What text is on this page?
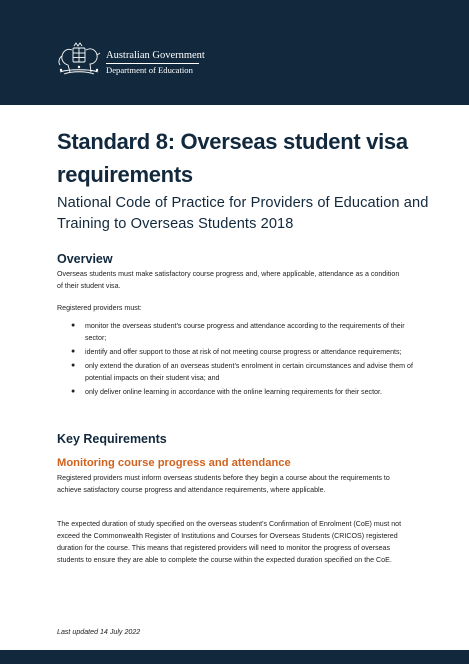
Australian Government
Department of Education
Standard 8: Overseas student visa requirements

National Code of Practice for Providers of Education and Training to Overseas Students 2018

Overview

Overseas students must make satisfactory course progress and, where applicable, attendance as a condition of their student visa.

Registered providers must:

● monitor the overseas student’s course progress and attendance according to the requirements of their sector;
● identify and offer support to those at risk of not meeting course progress or attendance requirements;
● only extend the duration of an overseas student’s enrolment in certain circumstances and advise them of potential impacts on their student visa; and
● only deliver online learning in accordance with the online learning requirements for their sector.
Key Requirements
Monitoring course progress and attendance

Registered providers must inform overseas students before they begin a course about the requirements to achieve satisfactory course progress and attendance requirements, where applicable.

The expected duration of study specified on the overseas student’s Confirmation of Enrolment (CoE) must not exceed the Commonwealth Register of Institutions and Courses for Overseas Students (CRICOS) registered duration for the course. This means that registered providers will need to monitor the progress of overseas students to ensure they are able to complete the course within the expected duration specified on the CoE.

Last updated 14 July 2022
